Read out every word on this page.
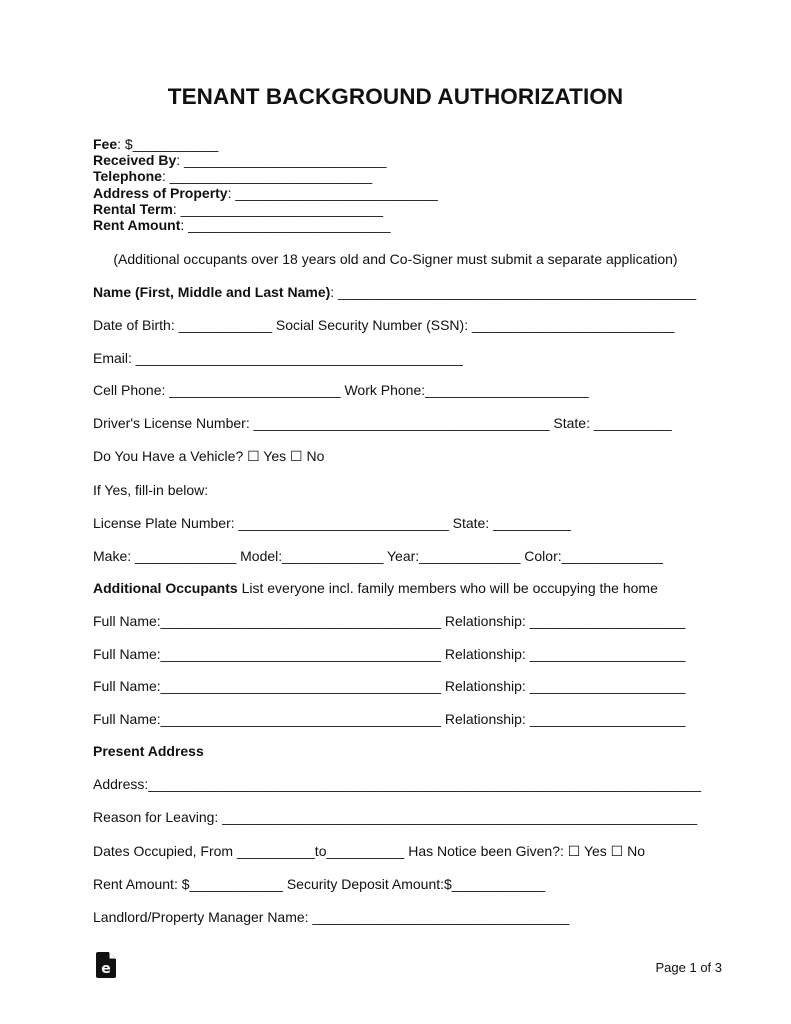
TENANT BACKGROUND AUTHORIZATION
Fee: $___________
Received By: __________________________
Telephone: __________________________
Address of Property: __________________________
Rental Term: __________________________
Rent Amount: __________________________
(Additional occupants over 18 years old and Co-Signer must submit a separate application)
Name (First, Middle and Last Name): ______________________________________________
Date of Birth: ____________ Social Security Number (SSN): __________________________
Email: __________________________________________
Cell Phone: ______________________ Work Phone:_____________________
Driver's License Number: ______________________________________ State: __________
Do You Have a Vehicle? ☐ Yes ☐ No
If Yes, fill-in below:
License Plate Number: ___________________________ State: __________
Make: _____________ Model:_____________ Year:_____________ Color:_____________
Additional Occupants List everyone incl. family members who will be occupying the home
Full Name:____________________________________ Relationship: ____________________
Full Name:____________________________________ Relationship: ____________________
Full Name:____________________________________ Relationship: ____________________
Full Name:____________________________________ Relationship: ____________________
Present Address
Address:_______________________________________________________________________
Reason for Leaving: _____________________________________________________________
Dates Occupied, From __________to__________ Has Notice been Given?: ☐ Yes ☐ No
Rent Amount: $____________ Security Deposit Amount:$____________
Landlord/Property Manager Name: _________________________________
e	Page 1 of 3
